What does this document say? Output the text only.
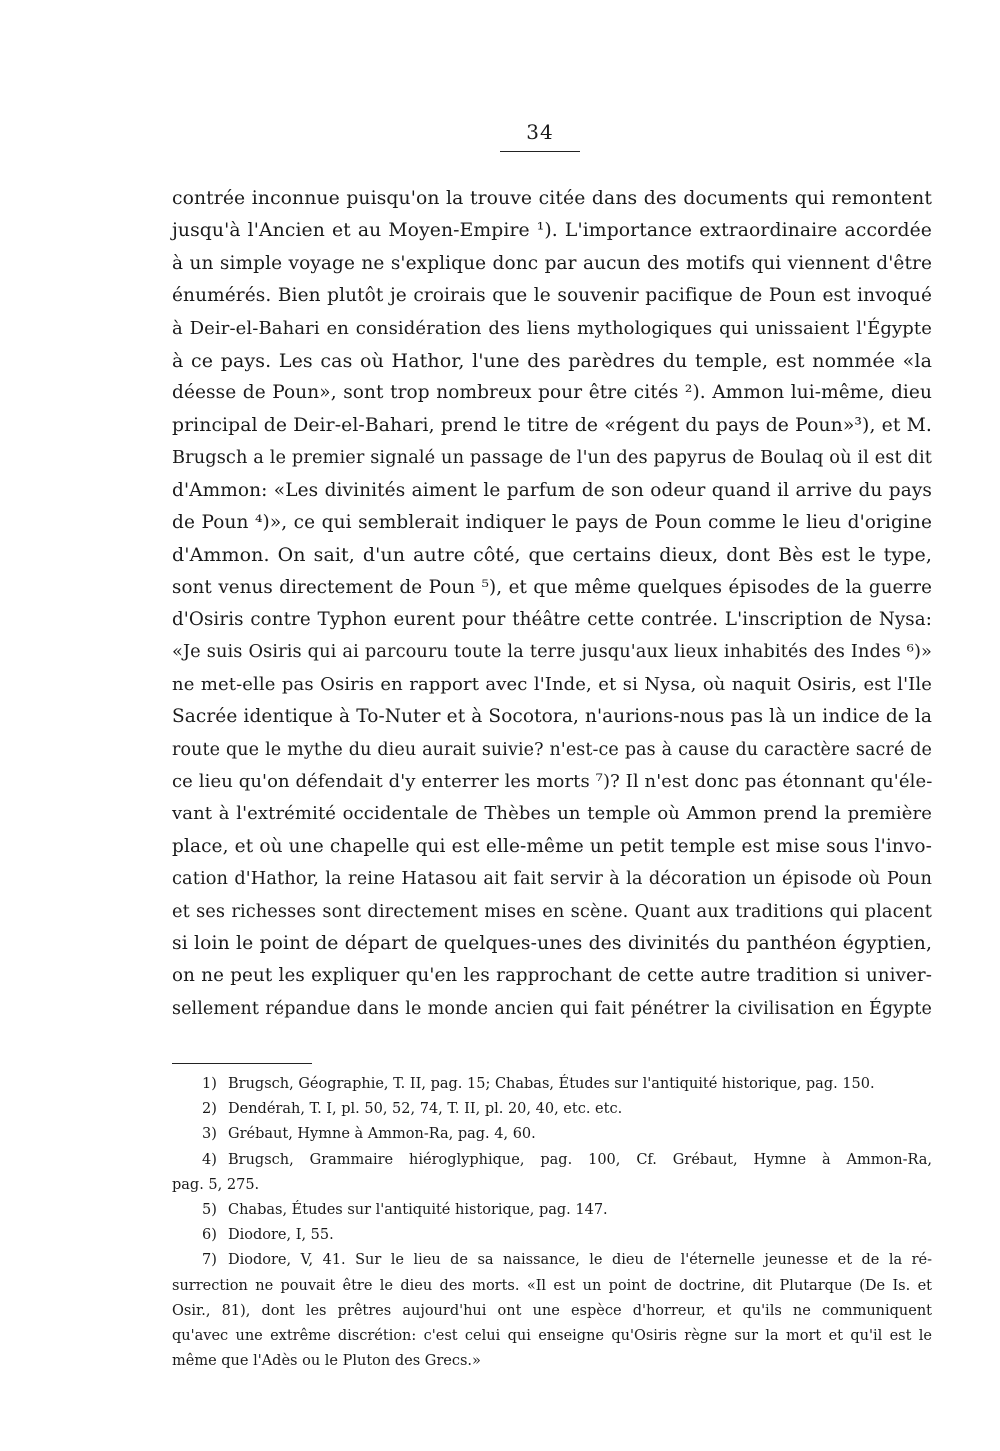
34
contrée inconnue puisqu'on la trouve citée dans des documents qui remontent
jusqu'à l'Ancien et au Moyen-Empire ¹). L'importance extraordinaire accordée
à un simple voyage ne s'explique donc par aucun des motifs qui viennent d'être
énumérés. Bien plutôt je croirais que le souvenir pacifique de Poun est invoqué
à Deir-el-Bahari en considération des liens mythologiques qui unissaient l'Égypte
à ce pays. Les cas où Hathor, l'une des parèdres du temple, est nommée «la
déesse de Poun», sont trop nombreux pour être cités ²). Ammon lui-même, dieu
principal de Deir-el-Bahari, prend le titre de «régent du pays de Poun»³), et M.
Brugsch a le premier signalé un passage de l'un des papyrus de Boulaq où il est dit
d'Ammon: «Les divinités aiment le parfum de son odeur quand il arrive du pays
de Poun ⁴)», ce qui semblerait indiquer le pays de Poun comme le lieu d'origine
d'Ammon. On sait, d'un autre côté, que certains dieux, dont Bès est le type,
sont venus directement de Poun ⁵), et que même quelques épisodes de la guerre
d'Osiris contre Typhon eurent pour théâtre cette contrée. L'inscription de Nysa:
«Je suis Osiris qui ai parcouru toute la terre jusqu'aux lieux inhabités des Indes ⁶)»
ne met-elle pas Osiris en rapport avec l'Inde, et si Nysa, où naquit Osiris, est l'Ile
Sacrée identique à To-Nuter et à Socotora, n'aurions-nous pas là un indice de la
route que le mythe du dieu aurait suivie? n'est-ce pas à cause du caractère sacré de
ce lieu qu'on défendait d'y enterrer les morts ⁷)? Il n'est donc pas étonnant qu'éle-
vant à l'extrémité occidentale de Thèbes un temple où Ammon prend la première
place, et où une chapelle qui est elle-même un petit temple est mise sous l'invo-
cation d'Hathor, la reine Hatasou ait fait servir à la décoration un épisode où Poun
et ses richesses sont directement mises en scène. Quant aux traditions qui placent
si loin le point de départ de quelques-unes des divinités du panthéon égyptien,
on ne peut les expliquer qu'en les rapprochant de cette autre tradition si univer-
sellement répandue dans le monde ancien qui fait pénétrer la civilisation en Égypte
1) Brugsch, Géographie, T. II, pag. 15; Chabas, Études sur l'antiquité historique, pag. 150.
2) Dendérah, T. I, pl. 50, 52, 74, T. II, pl. 20, 40, etc. etc.
3) Grébaut, Hymne à Ammon-Ra, pag. 4, 60.
4) Brugsch, Grammaire hiéroglyphique, pag. 100, Cf. Grébaut, Hymne à Ammon-Ra,
pag. 5, 275.
5) Chabas, Études sur l'antiquité historique, pag. 147.
6) Diodore, I, 55.
7) Diodore, V, 41. Sur le lieu de sa naissance, le dieu de l'éternelle jeunesse et de la ré-
surrection ne pouvait être le dieu des morts. «Il est un point de doctrine, dit Plutarque (De Is. et
Osir., 81), dont les prêtres aujourd'hui ont une espèce d'horreur, et qu'ils ne communiquent
qu'avec une extrême discrétion: c'est celui qui enseigne qu'Osiris règne sur la mort et qu'il est le
même que l'Adès ou le Pluton des Grecs.»
